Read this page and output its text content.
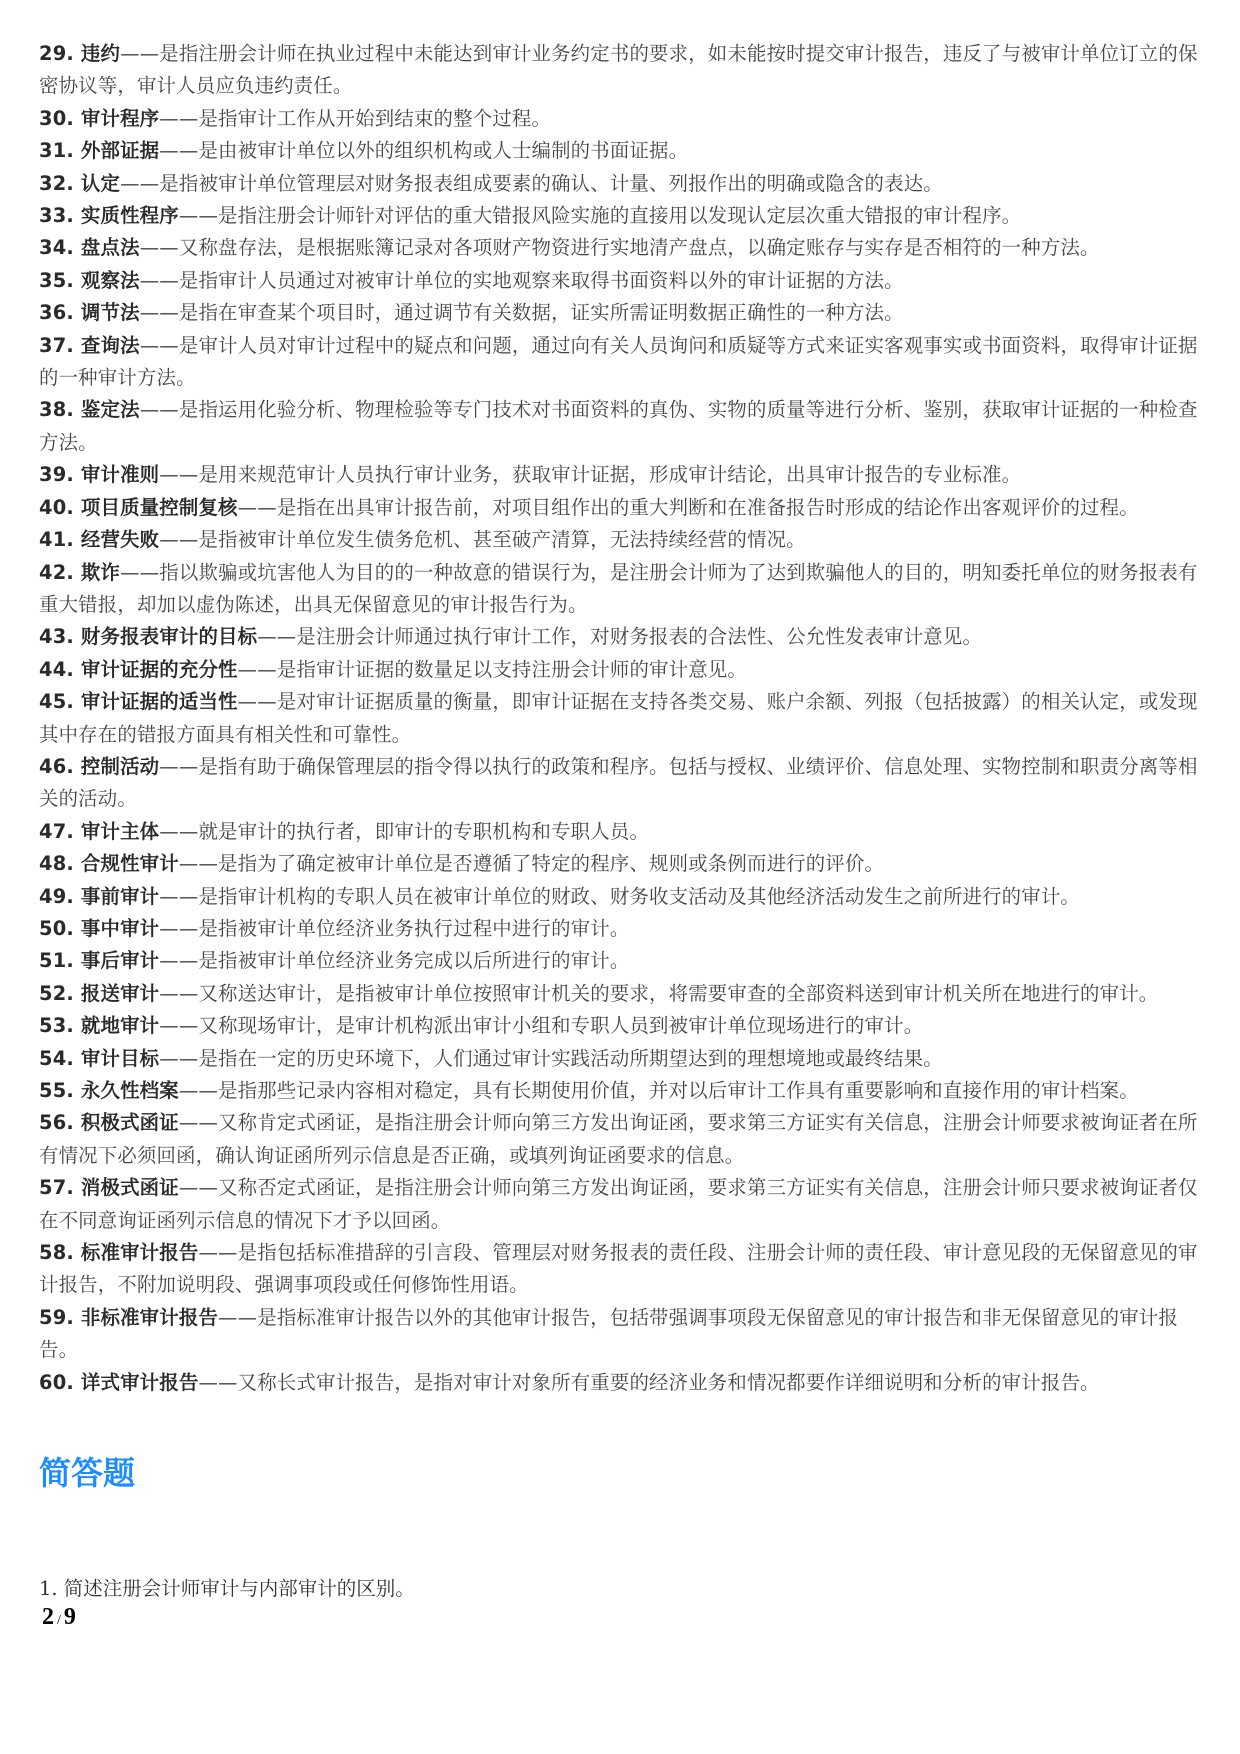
29. 违约——是指注册会计师在执业过程中未能达到审计业务约定书的要求，如未能按时提交审计报告，违反了与被审计单位订立的保密协议等，审计人员应负违约责任。

30. 审计程序——是指审计工作从开始到结束的整个过程。

31. 外部证据——是由被审计单位以外的组织机构或人士编制的书面证据。

32. 认定——是指被审计单位管理层对财务报表组成要素的确认、计量、列报作出的明确或隐含的表达。

33. 实质性程序——是指注册会计师针对评估的重大错报风险实施的直接用以发现认定层次重大错报的审计程序。

34. 盘点法——又称盘存法，是根据账簿记录对各项财产物资进行实地清产盘点，以确定账存与实存是否相符的一种方法。

35. 观察法——是指审计人员通过对被审计单位的实地观察来取得书面资料以外的审计证据的方法。

36. 调节法——是指在审查某个项目时，通过调节有关数据，证实所需证明数据正确性的一种方法。

37. 查询法——是审计人员对审计过程中的疑点和问题，通过向有关人员询问和质疑等方式来证实客观事实或书面资料，取得审计证据的一种审计方法。

38. 鉴定法——是指运用化验分析、物理检验等专门技术对书面资料的真伪、实物的质量等进行分析、鉴别，获取审计证据的一种检查方法。

39. 审计准则——是用来规范审计人员执行审计业务，获取审计证据，形成审计结论，出具审计报告的专业标准。

40. 项目质量控制复核——是指在出具审计报告前，对项目组作出的重大判断和在准备报告时形成的结论作出客观评价的过程。

41. 经营失败——是指被审计单位发生债务危机、甚至破产清算，无法持续经营的情况。

42. 欺诈——指以欺骗或坑害他人为目的的一种故意的错误行为，是注册会计师为了达到欺骗他人的目的，明知委托单位的财务报表有重大错报，却加以虚伪陈述，出具无保留意见的审计报告行为。

43. 财务报表审计的目标——是注册会计师通过执行审计工作，对财务报表的合法性、公允性发表审计意见。

44. 审计证据的充分性——是指审计证据的数量足以支持注册会计师的审计意见。

45. 审计证据的适当性——是对审计证据质量的衡量，即审计证据在支持各类交易、账户余额、列报（包括披露）的相关认定，或发现其中存在的错报方面具有相关性和可靠性。

46. 控制活动——是指有助于确保管理层的指令得以执行的政策和程序。包括与授权、业绩评价、信息处理、实物控制和职责分离等相关的活动。

47. 审计主体——就是审计的执行者，即审计的专职机构和专职人员。

48. 合规性审计——是指为了确定被审计单位是否遵循了特定的程序、规则或条例而进行的评价。

49. 事前审计——是指审计机构的专职人员在被审计单位的财政、财务收支活动及其他经济活动发生之前所进行的审计。

50. 事中审计——是指被审计单位经济业务执行过程中进行的审计。

51. 事后审计——是指被审计单位经济业务完成以后所进行的审计。

52. 报送审计——又称送达审计，是指被审计单位按照审计机关的要求，将需要审查的全部资料送到审计机关所在地进行的审计。

53. 就地审计——又称现场审计，是审计机构派出审计小组和专职人员到被审计单位现场进行的审计。

54. 审计目标——是指在一定的历史环境下，人们通过审计实践活动所期望达到的理想境地或最终结果。

55. 永久性档案——是指那些记录内容相对稳定，具有长期使用价值，并对以后审计工作具有重要影响和直接作用的审计档案。

56. 积极式函证——又称肯定式函证，是指注册会计师向第三方发出询证函，要求第三方证实有关信息，注册会计师要求被询证者在所有情况下必须回函，确认询证函所列示信息是否正确，或填列询证函要求的信息。

57. 消极式函证——又称否定式函证，是指注册会计师向第三方发出询证函，要求第三方证实有关信息，注册会计师只要求被询证者仅在不同意询证函列示信息的情况下才予以回函。

58. 标准审计报告——是指包括标准措辞的引言段、管理层对财务报表的责任段、注册会计师的责任段、审计意见段的无保留意见的审计报告，不附加说明段、强调事项段或任何修饰性用语。

59. 非标准审计报告——是指标准审计报告以外的其他审计报告，包括带强调事项段无保留意见的审计报告和非无保留意见的审计报告。

60. 详式审计报告——又称长式审计报告，是指对审计对象所有重要的经济业务和情况都要作详细说明和分析的审计报告。

简答题

1. 简述注册会计师审计与内部审计的区别。

2 / 9
